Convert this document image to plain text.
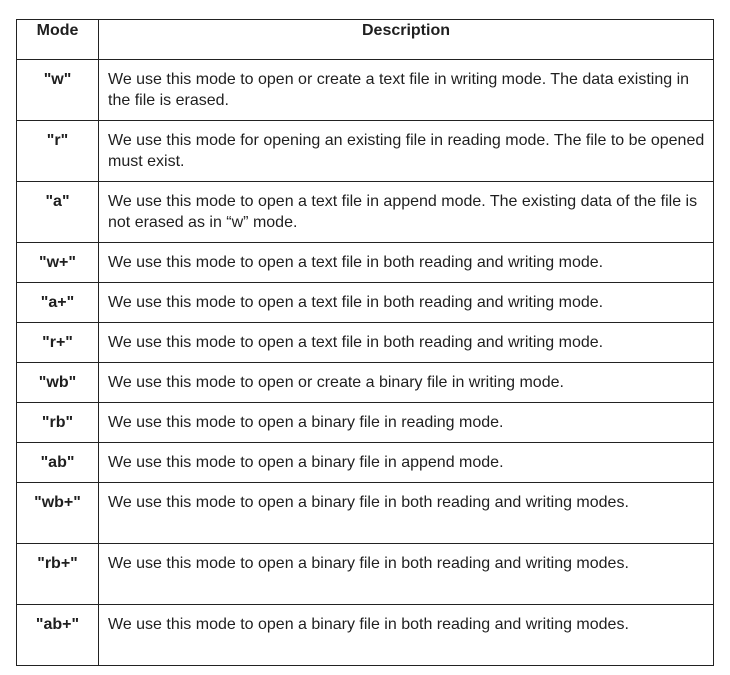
Mode	Description
"w"	We use this mode to open or create a text file in writing mode. The data existing in the file is erased.
"r"	We use this mode for opening an existing file in reading mode. The file to be opened must exist.
"a"	We use this mode to open a text file in append mode. The existing data of the file is not erased as in “w” mode.
"w+"	We use this mode to open a text file in both reading and writing mode.
"a+"	We use this mode to open a text file in both reading and writing mode.
"r+"	We use this mode to open a text file in both reading and writing mode.
"wb"	We use this mode to open or create a binary file in writing mode.
"rb"	We use this mode to open a binary file in reading mode.
"ab"	We use this mode to open a binary file in append mode.
"wb+"	We use this mode to open a binary file in both reading and writing modes.
"rb+"	We use this mode to open a binary file in both reading and writing modes.
"ab+"	We use this mode to open a binary file in both reading and writing modes.
